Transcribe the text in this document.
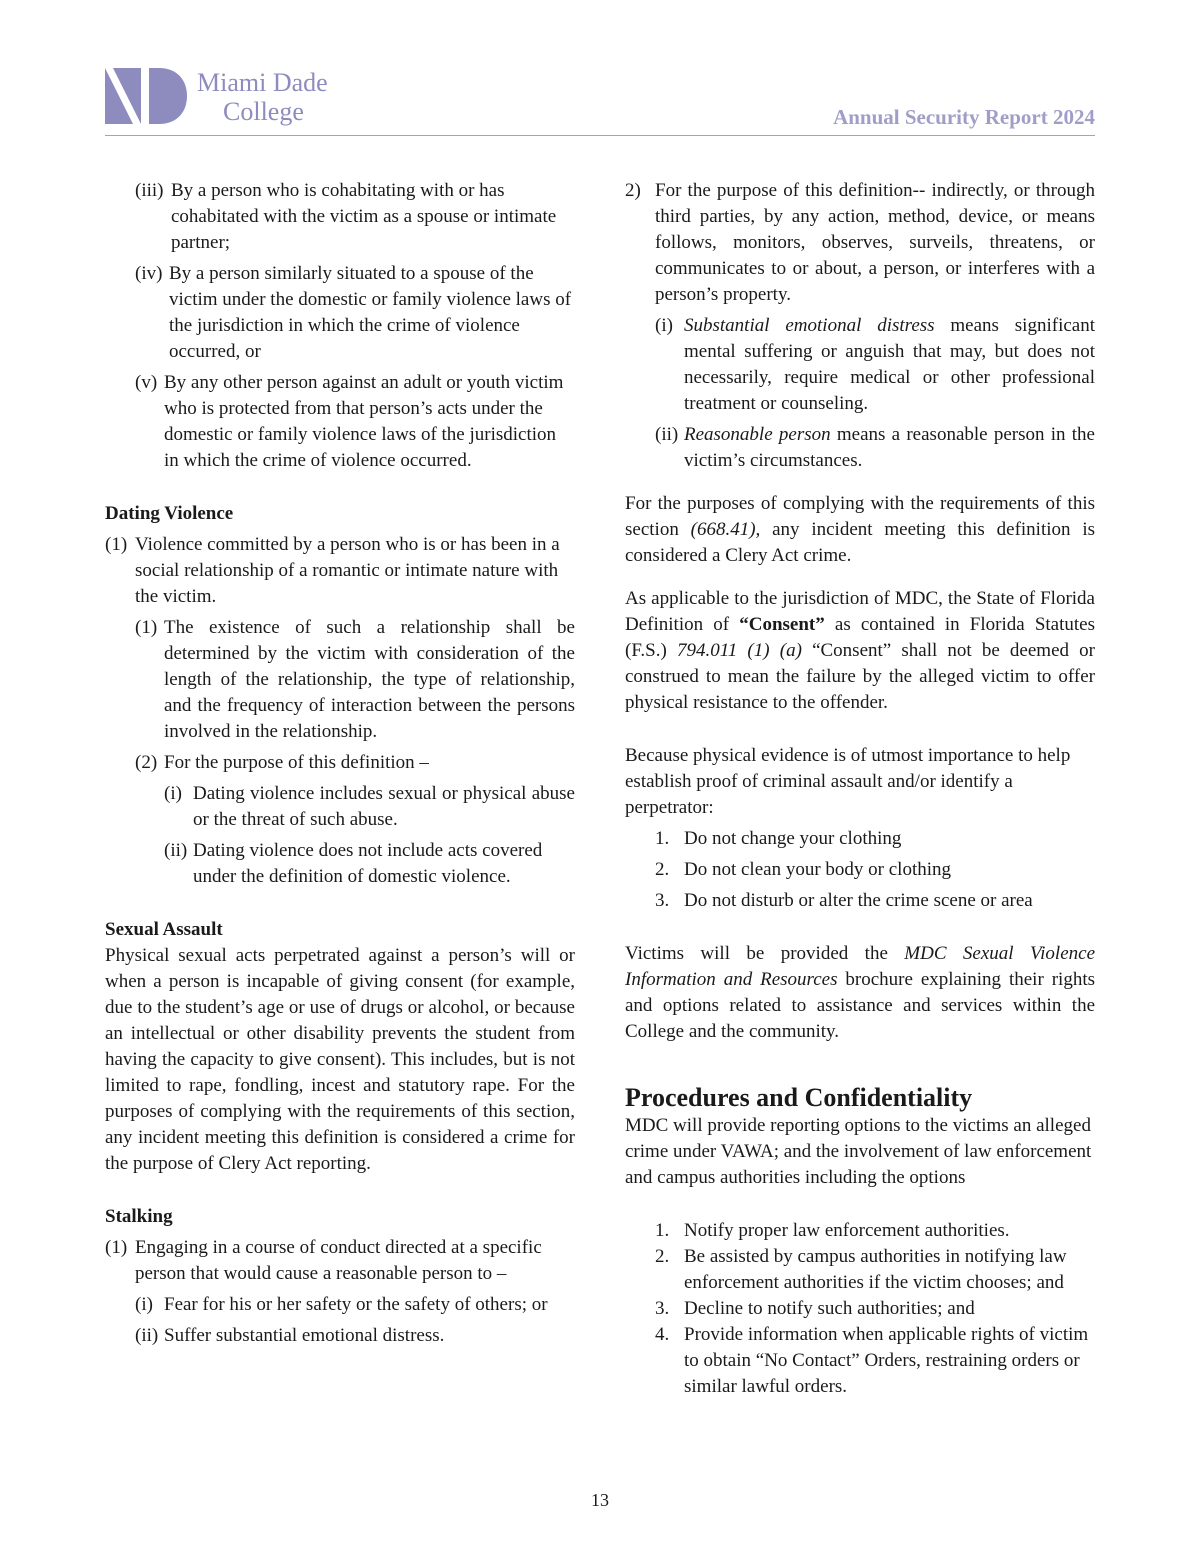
Miami Dade
College	Annual Security Report 2024
(iii) By a person who is cohabitating with or has cohabitated with the victim as a spouse or intimate partner;
(iv) By a person similarly situated to a spouse of the victim under the domestic or family violence laws of the jurisdiction in which the crime of violence occurred, or
(v) By any other person against an adult or youth victim who is protected from that person’s acts under the domestic or family violence laws of the jurisdiction in which the crime of violence occurred.
Dating Violence
(1) Violence committed by a person who is or has been in a social relationship of a romantic or intimate nature with the victim.
(1) The existence of such a relationship shall be determined by the victim with consideration of the length of the relationship, the type of relationship, and the frequency of interaction between the persons involved in the relationship.
(2) For the purpose of this definition –
(i) Dating violence includes sexual or physical abuse or the threat of such abuse.
(ii) Dating violence does not include acts covered under the definition of domestic violence.
Sexual Assault
Physical sexual acts perpetrated against a person’s will or when a person is incapable of giving consent (for example, due to the student’s age or use of drugs or alcohol, or because an intellectual or other disability prevents the student from having the capacity to give consent). This includes, but is not limited to rape, fondling, incest and statutory rape. For the purposes of complying with the requirements of this section, any incident meeting this definition is considered a crime for the purpose of Clery Act reporting.
Stalking
(1) Engaging in a course of conduct directed at a specific person that would cause a reasonable person to –
(i) Fear for his or her safety or the safety of others; or
(ii) Suffer substantial emotional distress.
2) For the purpose of this definition-- indirectly, or through third parties, by any action, method, device, or means follows, monitors, observes, surveils, threatens, or communicates to or about, a person, or interferes with a person’s property.
(i) Substantial emotional distress means significant mental suffering or anguish that may, but does not necessarily, require medical or other professional treatment or counseling.
(ii) Reasonable person means a reasonable person in the victim’s circumstances.
For the purposes of complying with the requirements of this section (668.41), any incident meeting this definition is considered a Clery Act crime.
As applicable to the jurisdiction of MDC, the State of Florida Definition of “Consent” as contained in Florida Statutes (F.S.) 794.011 (1) (a) “Consent” shall not be deemed or construed to mean the failure by the alleged victim to offer physical resistance to the offender.
Because physical evidence is of utmost importance to help establish proof of criminal assault and/or identify a perpetrator:
1. Do not change your clothing
2. Do not clean your body or clothing
3. Do not disturb or alter the crime scene or area
Victims will be provided the MDC Sexual Violence Information and Resources brochure explaining their rights and options related to assistance and services within the College and the community.
Procedures and Confidentiality
MDC will provide reporting options to the victims an alleged crime under VAWA; and the involvement of law enforcement and campus authorities including the options
1. Notify proper law enforcement authorities.
2. Be assisted by campus authorities in notifying law enforcement authorities if the victim chooses; and
3. Decline to notify such authorities; and
4. Provide information when applicable rights of victim to obtain “No Contact” Orders, restraining orders or similar lawful orders.
13
